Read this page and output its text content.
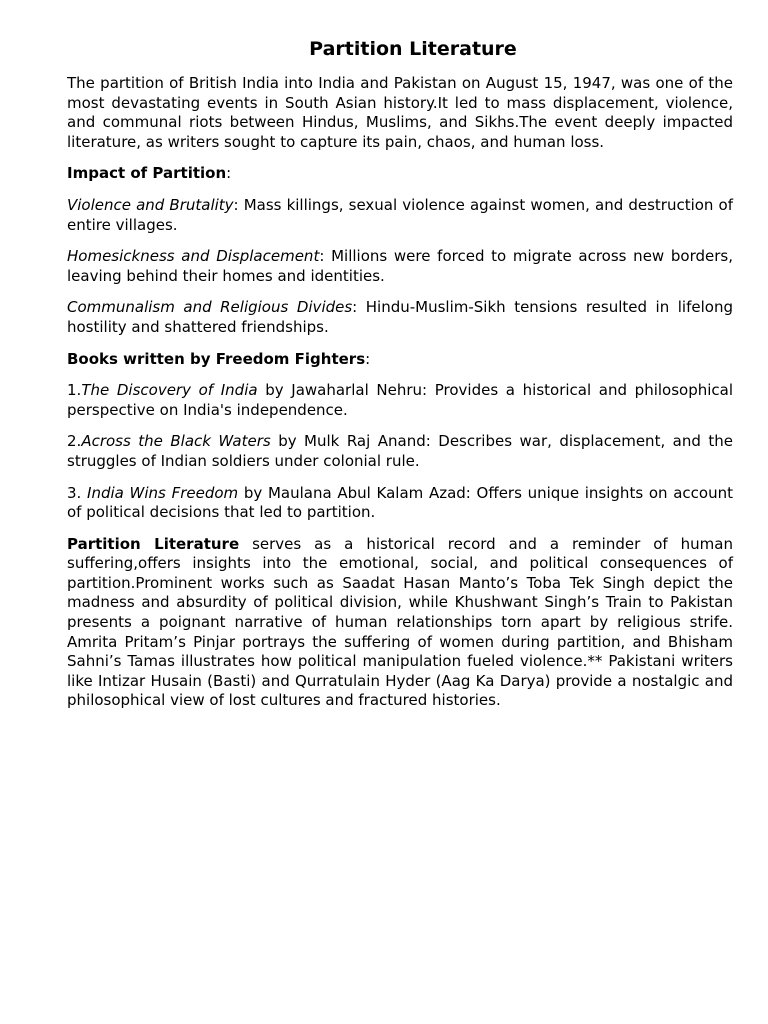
Partition Literature

The partition of British India into India and Pakistan on August 15, 1947, was one of the most devastating events in South Asian history.It led to mass displacement, violence, and communal riots between Hindus, Muslims, and Sikhs.The event deeply impacted literature, as writers sought to capture its pain, chaos, and human loss.

Impact of Partition:

Violence and Brutality: Mass killings, sexual violence against women, and destruction of entire villages.

Homesickness and Displacement: Millions were forced to migrate across new borders, leaving behind their homes and identities.

Communalism and Religious Divides: Hindu-Muslim-Sikh tensions resulted in lifelong hostility and shattered friendships.

Books written by Freedom Fighters:

1.The Discovery of India by Jawaharlal Nehru: Provides a historical and philosophical perspective on India's independence.

2.Across the Black Waters by Mulk Raj Anand: Describes war, displacement, and the struggles of Indian soldiers under colonial rule.

3. India Wins Freedom by Maulana Abul Kalam Azad: Offers unique insights on account of political decisions that led to partition.

Partition Literature serves as a historical record and a reminder of human suffering,offers insights into the emotional, social, and political consequences of partition.Prominent works such as Saadat Hasan Manto’s Toba Tek Singh depict the madness and absurdity of political division, while Khushwant Singh’s Train to Pakistan presents a poignant narrative of human relationships torn apart by religious strife. Amrita Pritam’s Pinjar portrays the suffering of women during partition, and Bhisham Sahni’s Tamas illustrates how political manipulation fueled violence.** Pakistani writers like Intizar Husain (Basti) and Qurratulain Hyder (Aag Ka Darya) provide a nostalgic and philosophical view of lost cultures and fractured histories.
